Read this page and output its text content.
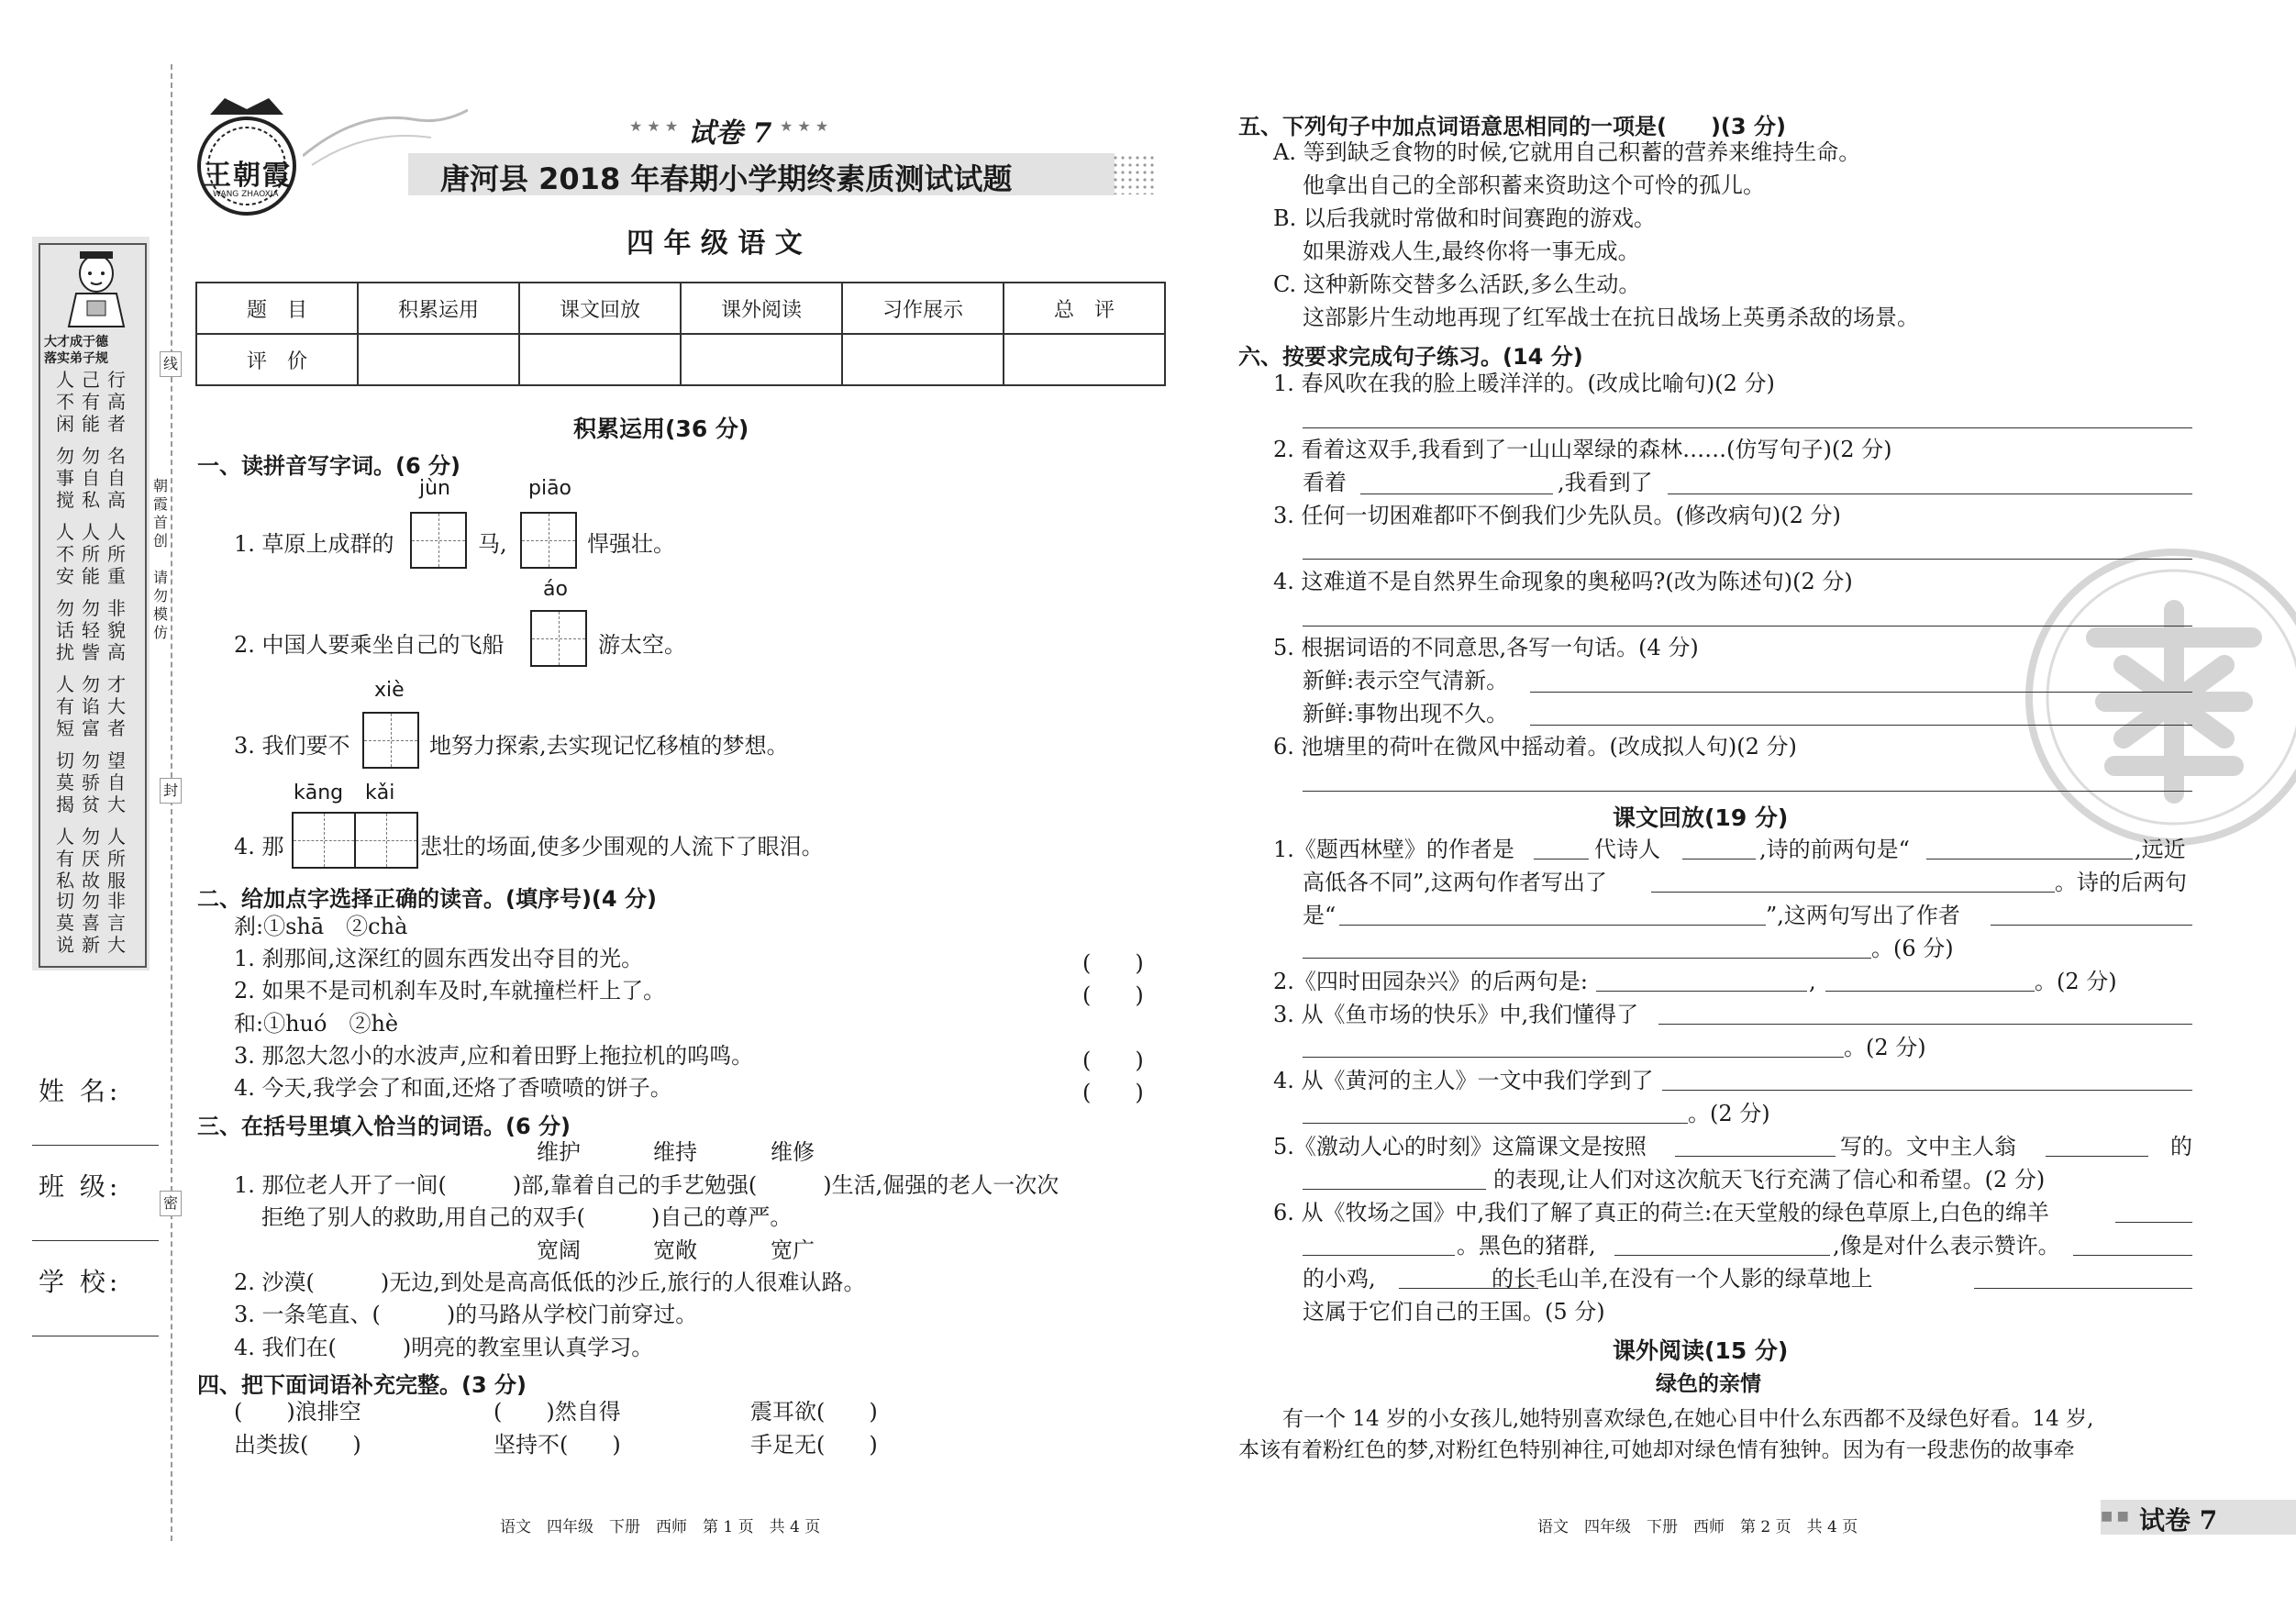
大才成于德
落实弟子规
行高者
己有能
人不闲
名自高
勿自私
勿事搅
人所重
人所能
人不安
非貌高
勿轻訾
勿话扰
才大者
勿谄富
人有短
望自大
勿骄贫
切莫揭
人所服
勿厌故
人有私
非言大
勿喜新
切莫说
朝霞首创
请勿模仿
线
封
密
姓 名:
班 级:
学 校:
王朝霞
WANG ZHAOXIA
★ ★ ★ 试卷 7 ★ ★ ★
唐河县 2018 年春期小学期终素质测试试题
四 年 级 语 文
题　目	积累运用	课文回放	课外阅读	习作展示	总　评
评　价					
积累运用(36 分)
一、读拼音写字词。(6 分)
jùn	piāo
1. 草原上成群的	马,	悍强壮。
áo
2. 中国人要乘坐自己的飞船	游太空。
xiè
3. 我们要不	地努力探索,去实现记忆移植的梦想。
kāng kǎi
4. 那	悲壮的场面,使多少围观的人流下了眼泪。
二、给加点字选择正确的读音。(填序号)(4 分)
刹:①shā　②chà
1. 刹那间,这深红的圆东西发出夺目的光。	(　　)
2. 如果不是司机刹车及时,车就撞栏杆上了。	(　　)
和:①huó　②hè
3. 那忽大忽小的水波声,应和着田野上拖拉机的呜鸣。	(　　)
4. 今天,我学会了和面,还烙了香喷喷的饼子。	(　　)
三、在括号里填入恰当的词语。(6 分)
维护	维持	维修
1. 那位老人开了一间(　　　)部,靠着自己的手艺勉强(　　　)生活,倔强的老人一次次
拒绝了别人的救助,用自己的双手(　　　)自己的尊严。
宽阔	宽敞	宽广
2. 沙漠(　　　)无边,到处是高高低低的沙丘,旅行的人很难认路。
3. 一条笔直、(　　　)的马路从学校门前穿过。
4. 我们在(　　　)明亮的教室里认真学习。
四、把下面词语补充完整。(3 分)
(　　)浪排空	(　　)然自得	震耳欲(　　)
出类拔(　　)	坚持不(　　)	手足无(　　)
语文　四年级　下册　西师　第 1 页　共 4 页
五、下列句子中加点词语意思相同的一项是(　　)(3 分)
A. 等到缺乏食物的时候,它就用自己积蓄的营养来维持生命。
他拿出自己的全部积蓄来资助这个可怜的孤儿。
B. 以后我就时常做和时间赛跑的游戏。
如果游戏人生,最终你将一事无成。
C. 这种新陈交替多么活跃,多么生动。
这部影片生动地再现了红军战士在抗日战场上英勇杀敌的场景。
六、按要求完成句子练习。(14 分)
1. 春风吹在我的脸上暖洋洋的。(改成比喻句)(2 分)
2. 看着这双手,我看到了一山山翠绿的森林……(仿写句子)(2 分)
看着	,我看到了
3. 任何一切困难都吓不倒我们少先队员。(修改病句)(2 分)
4. 这难道不是自然界生命现象的奥秘吗?(改为陈述句)(2 分)
5. 根据词语的不同意思,各写一句话。(4 分)
新鲜:表示空气清新。
新鲜:事物出现不久。
6. 池塘里的荷叶在微风中摇动着。(改成拟人句)(2 分)
课文回放(19 分)
1.《题西林壁》的作者是	代诗人	,诗的前两句是“	,远近
高低各不同”,这两句作者写出了	。诗的后两句
是“	”,这两句写出了作者
。(6 分)
2.《四时田园杂兴》的后两句是:	,	。(2 分)
3. 从《鱼市场的快乐》中,我们懂得了
。(2 分)
4. 从《黄河的主人》一文中我们学到了
。(2 分)
5.《激动人心的时刻》这篇课文是按照	写的。文中主人翁	的
的表现,让人们对这次航天飞行充满了信心和希望。(2 分)
6. 从《牧场之国》中,我们了解了真正的荷兰:在天堂般的绿色草原上,白色的绵羊
。黑色的猪群,	,像是对什么表示赞许。
的小鸡,	的长毛山羊,在没有一个人影的绿草地上
这属于它们自己的王国。(5 分)
课外阅读(15 分)
绿色的亲情
有一个 14 岁的小女孩儿,她特别喜欢绿色,在她心目中什么东西都不及绿色好看。14 岁,
本该有着粉红色的梦,对粉红色特别神往,可她却对绿色情有独钟。因为有一段悲伤的故事牵
语文　四年级　下册　西师　第 2 页　共 4 页
■ ■ 试卷 7
